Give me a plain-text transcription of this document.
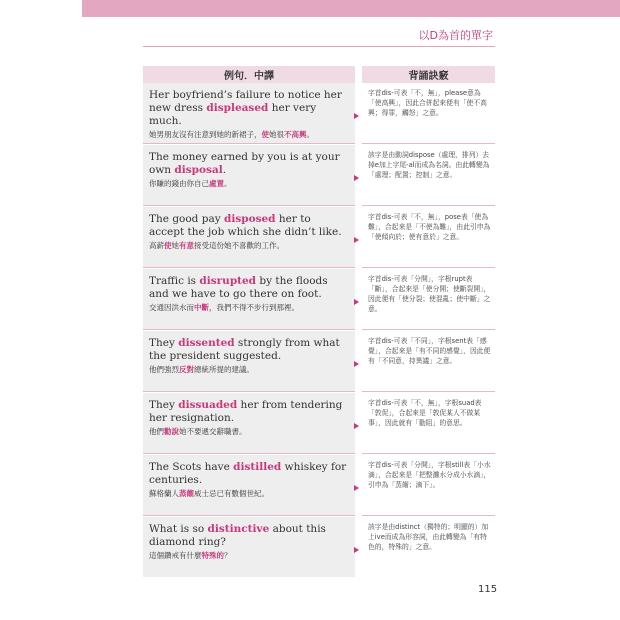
以D為首的單字
例句．中譯	背誦訣竅
Her boyfriend’s failure to notice her new dress displeased her very much.
她男朋友沒有注意到她的新裙子，使她很不高興。
字首dis-可表「不，無」，please意為「使高興」，因此合併起來便有「使不高興；得罪，觸怒」之意。
The money earned by you is at your own disposal.
你賺的錢由你自己處置。
該字是由動詞dispose（處理，排列）去掉e加上字尾-al而成為名詞。由此轉變為「處理；配置；控制」之意。
The good pay disposed her to accept the job which she didn’t like.
高薪使她有意接受這份她不喜歡的工作。
字首dis-可表「不，無」，pose表「使為難」，合起來是「不使為難」，由此引申為「使傾向於；使有意於」之意。
Traffic is disrupted by the floods and we have to go there on foot.
交通因洪水而中斷，我們不得不步行到那裡。
字首dis-可表「分開」，字根rupt表「斷」，合起來是「使分開；使斷裂開」，因此便有「使分裂；使混亂；使中斷」之意。
They dissented strongly from what the president suggested.
他們強烈反對總統所提的建議。
字首dis-可表「不同」，字根sent表「感覺」，合起來是「有不同的感覺」，因此便有「不同意，持異議」之意。
They dissuaded her from tendering her resignation.
他們勸說她不要遞交辭職書。
字首dis-可表「不，無」，字根suad表「敦促」，合起來是「敦促某人不做某事」，因此就有「勸阻」的意思。
The Scots have distilled whiskey for centuries.
蘇格蘭人蒸餾威士忌已有數個世紀。
字首dis-可表「分開」，字根still表「小水滴」，合起來是「把整灘水分成小水滴」，引申為「蒸餾；滴下」。
What is so distinctive about this diamond ring?
這個鑽戒有什麼特殊的？
該字是由distinct（獨特的；明顯的）加上ive而成為形容詞，由此轉變為「有特色的，特殊的」之意。
115
